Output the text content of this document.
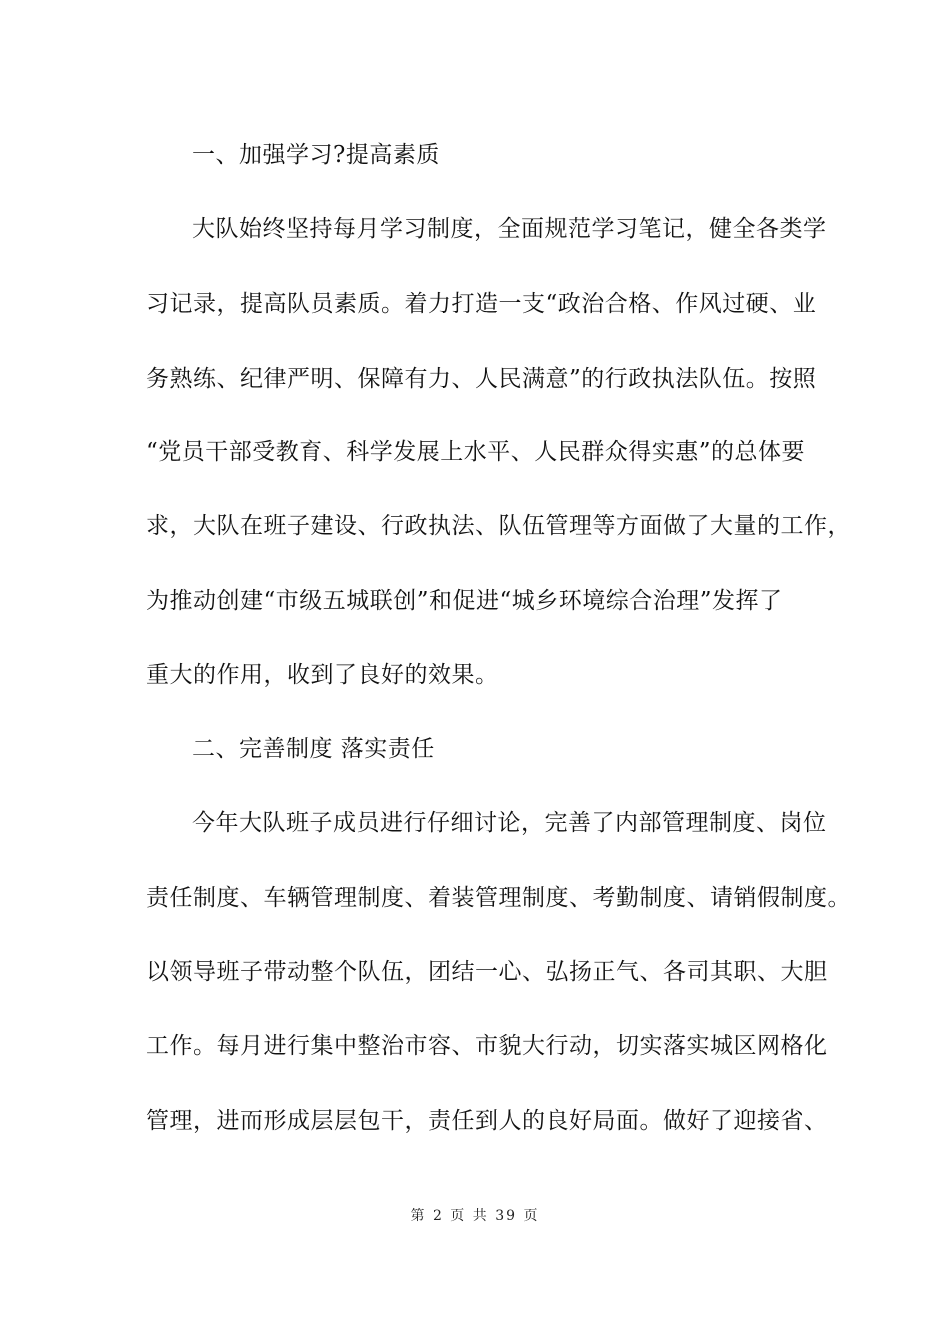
一、加强学习?提高素质
大队始终坚持每月学习制度，全面规范学习笔记，健全各类学
习记录，提高队员素质。着力打造一支“政治合格、作风过硬、业
务熟练、纪律严明、保障有力、人民满意”的行政执法队伍。按照
“党员干部受教育、科学发展上水平、人民群众得实惠”的总体要
求，大队在班子建设、行政执法、队伍管理等方面做了大量的工作，
为推动创建“市级五城联创”和促进“城乡环境综合治理”发挥了
重大的作用，收到了良好的效果。
二、完善制度 落实责任
今年大队班子成员进行仔细讨论，完善了内部管理制度、岗位
责任制度、车辆管理制度、着装管理制度、考勤制度、请销假制度。
以领导班子带动整个队伍，团结一心、弘扬正气、各司其职、大胆
工作。每月进行集中整治市容、市貌大行动，切实落实城区网格化
管理，进而形成层层包干，责任到人的良好局面。做好了迎接省、
第 2 页 共 39 页
